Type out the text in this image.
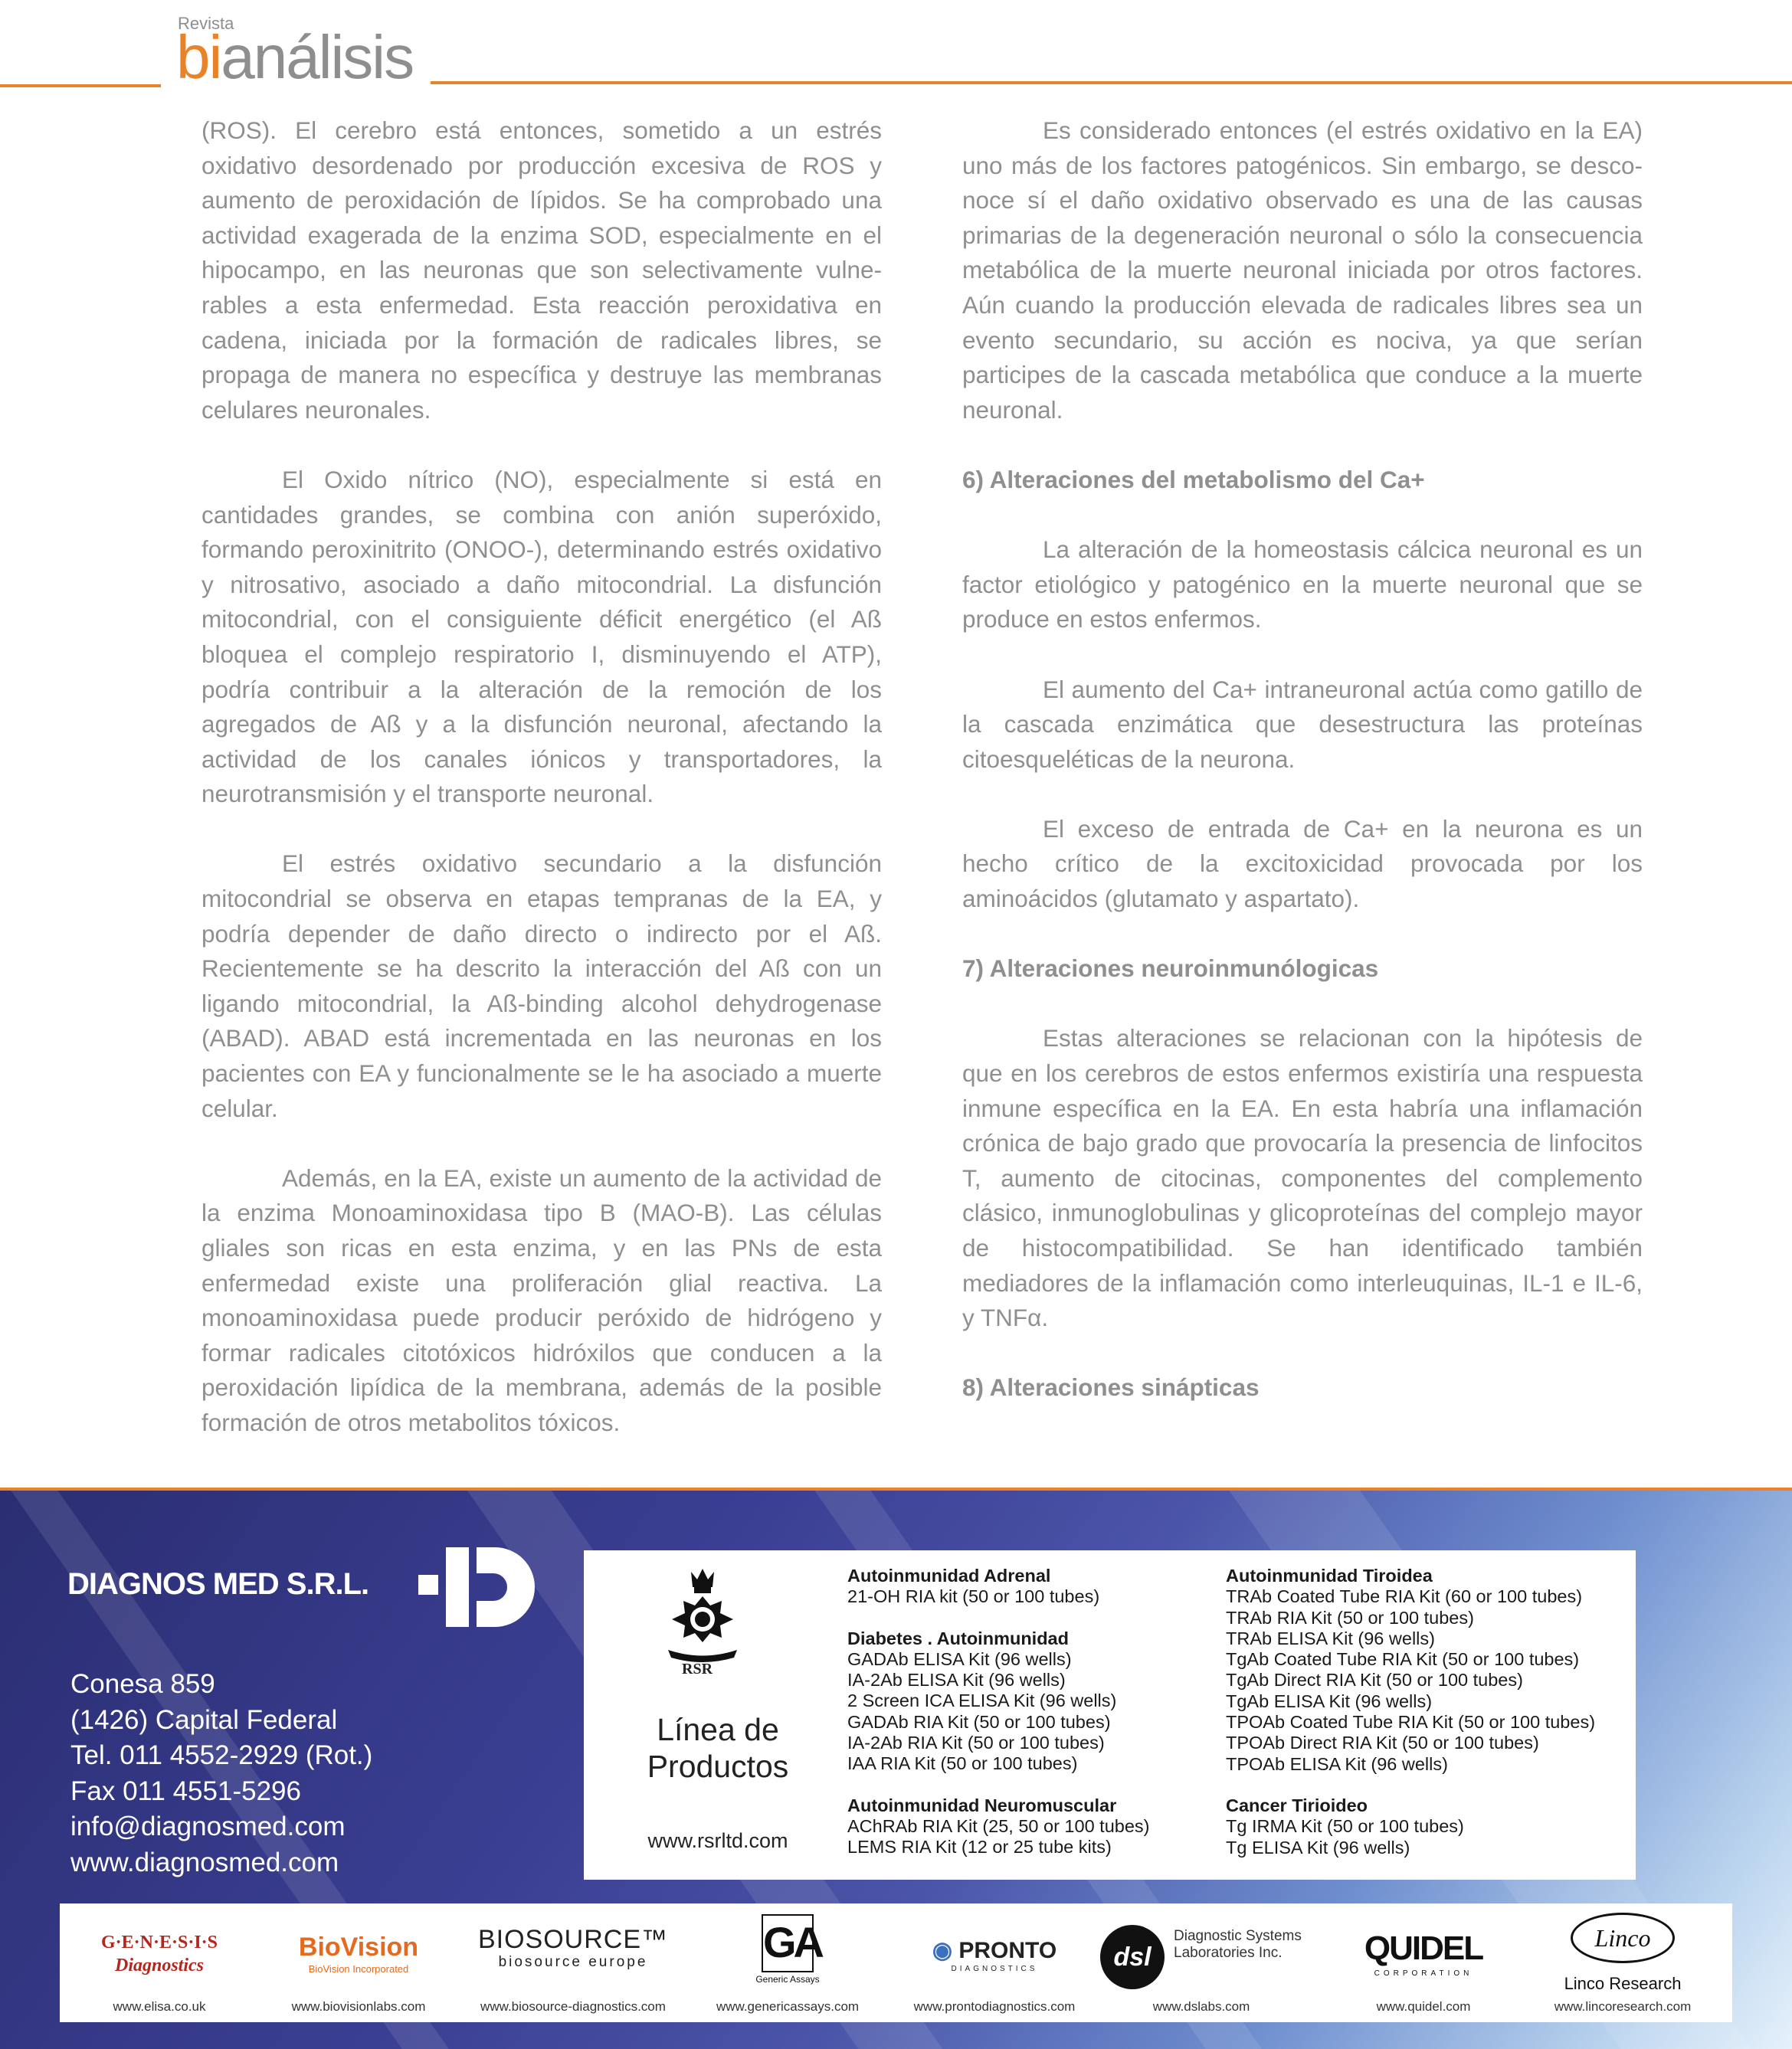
Revista
bianálisis

(ROS). El cerebro está entonces, sometido a un estrés oxidativo desordenado por producción excesiva de ROS y aumento de peroxidación de lípidos. Se ha comprobado una actividad exagerada de la enzima SOD, especialmente en el hipocampo, en las neuronas que son selectivamente vulnerables a esta enfermedad. Esta reacción peroxidativa en cadena, iniciada por la formación de radicales libres, se propaga de manera no específica y destruye las membranas celulares neuronales.

El Oxido nítrico (NO), especialmente si está en cantidades grandes, se combina con anión superóxido, formando peroxinitrito (ONOO-), determinando estrés oxidativo y nitrosativo, asociado a daño mitocondrial. La disfunción mitocondrial, con el consiguiente déficit energético (el Aß bloquea el complejo respiratorio I, disminuyendo el ATP), podría contribuir a la alteración de la remoción de los agregados de Aß y a la disfunción neuronal, afectando la actividad de los canales iónicos y transportadores, la neurotransmisión y el transporte neuronal.

El estrés oxidativo secundario a la disfunción mitocondrial se observa en etapas tempranas de la EA, y podría depender de daño directo o indirecto por el Aß. Recientemente se ha descrito la interacción del Aß con un ligando mitocondrial, la Aß-binding alcohol dehydrogenase (ABAD). ABAD está incrementada en las neuronas en los pacientes con EA y funcionalmente se le ha asociado a muerte celular.

Además, en la EA, existe un aumento de la actividad de la enzima Monoaminoxidasa tipo B (MAO-B). Las células gliales son ricas en esta enzima, y en las PNs de esta enfermedad existe una proliferación glial reactiva. La monoaminoxidasa puede producir peróxido de hidrógeno y formar radicales citotóxicos hidróxilos que conducen a la peroxidación lipídica de la membrana, además de la posible formación de otros metabolitos tóxicos.

Es considerado entonces (el estrés oxidativo en la EA) uno más de los factores patogénicos. Sin embargo, se desconoce sí el daño oxidativo observado es una de las causas primarias de la degeneración neuronal o sólo la consecuencia metabólica de la muerte neuronal iniciada por otros factores. Aún cuando la producción elevada de radicales libres sea un evento secundario, su acción es nociva, ya que serían participes de la cascada metabólica que conduce a la muerte neuronal.

6) Alteraciones del metabolismo del Ca+

La alteración de la homeostasis cálcica neuronal es un factor etiológico y patogénico en la muerte neuronal que se produce en estos enfermos.

El aumento del Ca+ intraneuronal actúa como gatillo de la cascada enzimática que desestructura las proteínas citoesqueléticas de la neurona.

El exceso de entrada de Ca+ en la neurona es un hecho crítico de la excitoxicidad provocada por los aminoácidos (glutamato y aspartato).

7) Alteraciones neuroinmunólogicas

Estas alteraciones se relacionan con la hipótesis de que en los cerebros de estos enfermos existiría una respuesta inmune específica en la EA. En esta habría una inflamación crónica de bajo grado que provocaría la presencia de linfocitos T, aumento de citocinas, componentes del complemento clásico, inmunoglobulinas y glicoproteínas del complejo mayor de histocompatibilidad. Se han identificado también mediadores de la inflamación como interleuquinas, IL-1 e IL-6, y TNFα.

8) Alteraciones sinápticas
DIAGNOS MED S.R.L.
Conesa 859
(1426) Capital Federal
Tel. 011 4552-2929 (Rot.)
Fax 011 4551-5296
info@diagnosmed.com
www.diagnosmed.com
RSR
Línea de
Productos
www.rsrltd.com
Autoinmunidad Adrenal
21-OH RIA kit (50 or 100 tubes)
Diabetes . Autoinmunidad
GADAb ELISA Kit (96 wells)
IA-2Ab ELISA Kit (96 wells)
2 Screen ICA ELISA Kit (96 wells)
GADAb RIA Kit (50 or 100 tubes)
IA-2Ab RIA Kit (50 or 100 tubes)
IAA RIA Kit (50 or 100 tubes)
Autoinmunidad Neuromuscular
AChRAb RIA Kit (25, 50 or 100 tubes)
LEMS RIA Kit (12 or 25 tube kits)
Autoinmunidad Tiroidea
TRAb Coated Tube RIA Kit (60 or 100 tubes)
TRAb RIA Kit (50 or 100 tubes)
TRAb ELISA Kit (96 wells)
TgAb Coated Tube RIA Kit (50 or 100 tubes)
TgAb Direct RIA Kit (50 or 100 tubes)
TgAb ELISA Kit (96 wells)
TPOAb Coated Tube RIA Kit (50 or 100 tubes)
TPOAb Direct RIA Kit (50 or 100 tubes)
TPOAb ELISA Kit (96 wells)
Cancer Tirioideo
Tg IRMA Kit (50 or 100 tubes)
Tg ELISA Kit (96 wells)
G·E·N·E·S·I·S
Diagnostics
www.elisa.co.uk
BioVision
BioVision Incorporated
www.biovisionlabs.com
BIOSOURCE™
biosource europe
www.biosource-diagnostics.com
GA
Generic Assays
www.genericassays.com
◉ PRONTO
DIAGNOSTICS
www.prontodiagnostics.com
dsl
Diagnostic Systems Laboratories Inc.
www.dslabs.com
QUIDEL
CORPORATION
www.quidel.com
Linco
Linco Research
www.lincoresearch.com
